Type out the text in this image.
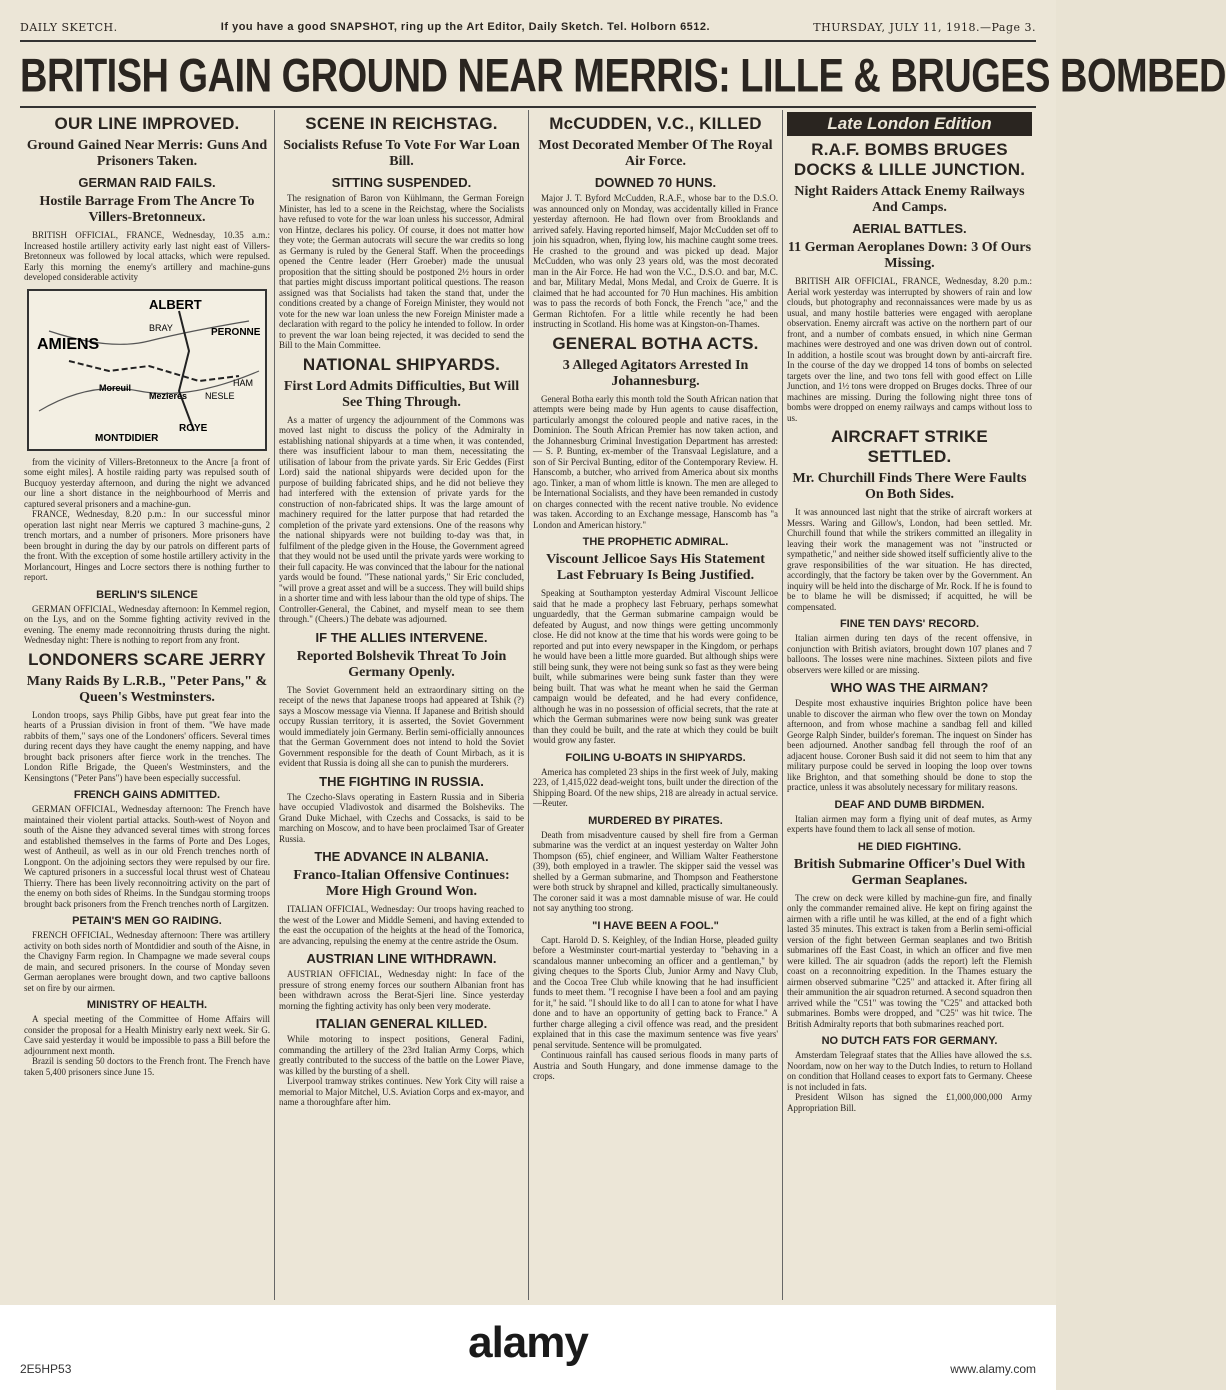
DAILY SKETCH.	If you have a good SNAPSHOT, ring up the Art Editor, Daily Sketch. Tel. Holborn 6512.	THURSDAY, JULY 11, 1918.—Page 3.
BRITISH GAIN GROUND NEAR MERRIS: LILLE & BRUGES BOMBED
OUR LINE IMPROVED.
Ground Gained Near Merris: Guns And Prisoners Taken.
GERMAN RAID FAILS.
Hostile Barrage From The Ancre To Villers-Bretonneux.

BRITISH OFFICIAL, FRANCE, Wednesday, 10.35 a.m.: Increased hostile artillery activity early last night east of Villers-Bretonneux was followed by local attacks, which were repulsed. Early this morning the enemy's artillery and machine-guns developed considerable activity

ALBERT
AMIENS
MONTDIDIER
ROYE
NESLE
HAM
PERONNE
BRAY
Moreuil
Mezieres

from the vicinity of Villers-Bretonneux to the Ancre [a front of some eight miles]. A hostile raiding party was repulsed south of Bucquoy yesterday afternoon, and during the night we advanced our line a short distance in the neighbourhood of Merris and captured several prisoners and a machine-gun.

FRANCE, Wednesday, 8.20 p.m.: In our successful minor operation last night near Merris we captured 3 machine-guns, 2 trench mortars, and a number of prisoners. More prisoners have been brought in during the day by our patrols on different parts of the front. With the exception of some hostile artillery activity in the Morlancourt, Hinges and Locre sectors there is nothing further to report.

BERLIN'S SILENCE

GERMAN OFFICIAL, Wednesday afternoon: In Kemmel region, on the Lys, and on the Somme fighting activity revived in the evening. The enemy made reconnoitring thrusts during the night. Wednesday night: There is nothing to report from any front.

LONDONERS SCARE JERRY
Many Raids By L.R.B., "Peter Pans," & Queen's Westminsters.

London troops, says Philip Gibbs, have put great fear into the hearts of a Prussian division in front of them. "We have made rabbits of them," says one of the Londoners' officers. Several times during recent days they have caught the enemy napping, and have brought back prisoners after fierce work in the trenches. The London Rifle Brigade, the Queen's Westminsters, and the Kensingtons ("Peter Pans") have been especially successful.

FRENCH GAINS ADMITTED.

GERMAN OFFICIAL, Wednesday afternoon: The French have maintained their violent partial attacks. South-west of Noyon and south of the Aisne they advanced several times with strong forces and established themselves in the farms of Porte and Des Loges, west of Antheuil, as well as in our old French trenches north of Longpont. On the adjoining sectors they were repulsed by our fire. We captured prisoners in a successful local thrust west of Chateau Thierry. There has been lively reconnoitring activity on the part of the enemy on both sides of Rheims. In the Sundgau storming troops brought back prisoners from the French trenches north of Largitzen.

PETAIN'S MEN GO RAIDING.

FRENCH OFFICIAL, Wednesday afternoon: There was artillery activity on both sides north of Montdidier and south of the Aisne, in the Chavigny Farm region. In Champagne we made several coups de main, and secured prisoners. In the course of Monday seven German aeroplanes were brought down, and two captive balloons set on fire by our airmen.

MINISTRY OF HEALTH.

A special meeting of the Committee of Home Affairs will consider the proposal for a Health Ministry early next week. Sir G. Cave said yesterday it would be impossible to pass a Bill before the adjournment next month.

Brazil is sending 50 doctors to the French front. The French have taken 5,400 prisoners since June 15.

SCENE IN REICHSTAG.
Socialists Refuse To Vote For War Loan Bill.
SITTING SUSPENDED.

The resignation of Baron von Kühlmann, the German Foreign Minister, has led to a scene in the Reichstag, where the Socialists have refused to vote for the war loan unless his successor, Admiral von Hintze, declares his policy. Of course, it does not matter how they vote; the German autocrats will secure the war credits so long as Germany is ruled by the General Staff. When the proceedings opened the Centre leader (Herr Groeber) made the unusual proposition that the sitting should be postponed 2½ hours in order that parties might discuss important political questions. The reason assigned was that Socialists had taken the stand that, under the conditions created by a change of Foreign Minister, they would not vote for the new war loan unless the new Foreign Minister made a declaration with regard to the policy he intended to follow. In order to prevent the war loan being rejected, it was decided to send the Bill to the Main Committee.

NATIONAL SHIPYARDS.
First Lord Admits Difficulties, But Will See Thing Through.

As a matter of urgency the adjournment of the Commons was moved last night to discuss the policy of the Admiralty in establishing national shipyards at a time when, it was contended, there was insufficient labour to man them, necessitating the utilisation of labour from the private yards. Sir Eric Geddes (First Lord) said the national shipyards were decided upon for the purpose of building fabricated ships, and he did not believe they had interfered with the extension of private yards for the construction of non-fabricated ships. It was the large amount of machinery required for the latter purpose that had retarded the completion of the private yard extensions. One of the reasons why the national shipyards were not building to-day was that, in fulfilment of the pledge given in the House, the Government agreed that they would not be used until the private yards were working to their full capacity. He was convinced that the labour for the national yards would be found. "These national yards," Sir Eric concluded, "will prove a great asset and will be a success. They will build ships in a shorter time and with less labour than the old type of ships. The Controller-General, the Cabinet, and myself mean to see them through." (Cheers.) The debate was adjourned.

IF THE ALLIES INTERVENE.
Reported Bolshevik Threat To Join Germany Openly.

The Soviet Government held an extraordinary sitting on the receipt of the news that Japanese troops had appeared at Tshik (?) says a Moscow message via Vienna. If Japanese and British should occupy Russian territory, it is asserted, the Soviet Government would immediately join Germany. Berlin semi-officially announces that the German Government does not intend to hold the Soviet Government responsible for the death of Count Mirbach, as it is evident that Russia is doing all she can to punish the murderers.

THE FIGHTING IN RUSSIA.

The Czecho-Slavs operating in Eastern Russia and in Siberia have occupied Vladivostok and disarmed the Bolsheviks. The Grand Duke Michael, with Czechs and Cossacks, is said to be marching on Moscow, and to have been proclaimed Tsar of Greater Russia.

THE ADVANCE IN ALBANIA.
Franco-Italian Offensive Continues: More High Ground Won.

ITALIAN OFFICIAL, Wednesday: Our troops having reached to the west of the Lower and Middle Semeni, and having extended to the east the occupation of the heights at the head of the Tomorica, are advancing, repulsing the enemy at the centre astride the Osum.

AUSTRIAN LINE WITHDRAWN.

AUSTRIAN OFFICIAL, Wednesday night: In face of the pressure of strong enemy forces our southern Albanian front has been withdrawn across the Berat-Sjeri line. Since yesterday morning the fighting activity has only been very moderate.

ITALIAN GENERAL KILLED.

While motoring to inspect positions, General Fadini, commanding the artillery of the 23rd Italian Army Corps, which greatly contributed to the success of the battle on the Lower Piave, was killed by the bursting of a shell.

Liverpool tramway strikes continues. New York City will raise a memorial to Major Mitchel, U.S. Aviation Corps and ex-mayor, and name a thoroughfare after him.

McCUDDEN, V.C., KILLED
Most Decorated Member Of The Royal Air Force.
DOWNED 70 HUNS.

Major J. T. Byford McCudden, R.A.F., whose bar to the D.S.O. was announced only on Monday, was accidentally killed in France yesterday afternoon. He had flown over from Brooklands and arrived safely. Having reported himself, Major McCudden set off to join his squadron, when, flying low, his machine caught some trees. He crashed to the ground and was picked up dead. Major McCudden, who was only 23 years old, was the most decorated man in the Air Force. He had won the V.C., D.S.O. and bar, M.C. and bar, Military Medal, Mons Medal, and Croix de Guerre. It is claimed that he had accounted for 70 Hun machines. His ambition was to pass the records of both Fonck, the French "ace," and the German Richtofen. For a little while recently he had been instructing in Scotland. His home was at Kingston-on-Thames.

GENERAL BOTHA ACTS.
3 Alleged Agitators Arrested In Johannesburg.

General Botha early this month told the South African nation that attempts were being made by Hun agents to cause disaffection, particularly amongst the coloured people and native races, in the Dominion. The South African Premier has now taken action, and the Johannesburg Criminal Investigation Department has arrested:— S. P. Bunting, ex-member of the Transvaal Legislature, and a son of Sir Percival Bunting, editor of the Contemporary Review. H. Hanscomb, a butcher, who arrived from America about six months ago. Tinker, a man of whom little is known. The men are alleged to be International Socialists, and they have been remanded in custody on charges connected with the recent native trouble. No evidence was taken. According to an Exchange message, Hanscomb has "a London and American history."

THE PROPHETIC ADMIRAL.
Viscount Jellicoe Says His Statement Last February Is Being Justified.

Speaking at Southampton yesterday Admiral Viscount Jellicoe said that he made a prophecy last February, perhaps somewhat unguardedly, that the German submarine campaign would be defeated by August, and now things were getting uncommonly close. He did not know at the time that his words were going to be reported and put into every newspaper in the Kingdom, or perhaps he would have been a little more guarded. But although ships were still being sunk, they were not being sunk so fast as they were being built, while submarines were being sunk faster than they were being built. That was what he meant when he said the German campaign would be defeated, and he had every confidence, although he was in no possession of official secrets, that the rate at which the German submarines were now being sunk was greater than they could be built, and the rate at which they could be built would grow any faster.

FOILING U-BOATS IN SHIPYARDS.

America has completed 23 ships in the first week of July, making 223, of 1,415,022 dead-weight tons, built under the direction of the Shipping Board. Of the new ships, 218 are already in actual service.—Reuter.

MURDERED BY PIRATES.

Death from misadventure caused by shell fire from a German submarine was the verdict at an inquest yesterday on Walter John Thompson (65), chief engineer, and William Walter Featherstone (39), both employed in a trawler. The skipper said the vessel was shelled by a German submarine, and Thompson and Featherstone were both struck by shrapnel and killed, practically simultaneously. The coroner said it was a most damnable misuse of war. He could not say anything too strong.

"I HAVE BEEN A FOOL."

Capt. Harold D. S. Keighley, of the Indian Horse, pleaded guilty before a Westminster court-martial yesterday to "behaving in a scandalous manner unbecoming an officer and a gentleman," by giving cheques to the Sports Club, Junior Army and Navy Club, and the Cocoa Tree Club while knowing that he had insufficient funds to meet them. "I recognise I have been a fool and am paying for it," he said. "I should like to do all I can to atone for what I have done and to have an opportunity of getting back to France." A further charge alleging a civil offence was read, and the president explained that in this case the maximum sentence was five years' penal servitude. Sentence will be promulgated.

Continuous rainfall has caused serious floods in many parts of Austria and South Hungary, and done immense damage to the crops.

Late London Edition
R.A.F. BOMBS BRUGES DOCKS & LILLE JUNCTION.
Night Raiders Attack Enemy Railways And Camps.
AERIAL BATTLES.
11 German Aeroplanes Down: 3 Of Ours Missing.

BRITISH AIR OFFICIAL, FRANCE, Wednesday, 8.20 p.m.: Aerial work yesterday was interrupted by showers of rain and low clouds, but photography and reconnaissances were made by us as usual, and many hostile batteries were engaged with aeroplane observation. Enemy aircraft was active on the northern part of our front, and a number of combats ensued, in which nine German machines were destroyed and one was driven down out of control. In addition, a hostile scout was brought down by anti-aircraft fire. In the course of the day we dropped 14 tons of bombs on selected targets over the line, and two tons fell with good effect on Lille Junction, and 1½ tons were dropped on Bruges docks. Three of our machines are missing. During the following night three tons of bombs were dropped on enemy railways and camps without loss to us.

AIRCRAFT STRIKE SETTLED.
Mr. Churchill Finds There Were Faults On Both Sides.

It was announced last night that the strike of aircraft workers at Messrs. Waring and Gillow's, London, had been settled. Mr. Churchill found that while the strikers committed an illegality in leaving their work the management was not "instructed or sympathetic," and neither side showed itself sufficiently alive to the grave responsibilities of the war situation. He has directed, accordingly, that the factory be taken over by the Government. An inquiry will be held into the discharge of Mr. Rock. If he is found to be to blame he will be dismissed; if acquitted, he will be compensated.

FINE TEN DAYS' RECORD.

Italian airmen during ten days of the recent offensive, in conjunction with British aviators, brought down 107 planes and 7 balloons. The losses were nine machines. Sixteen pilots and five observers were killed or are missing.

WHO WAS THE AIRMAN?

Despite most exhaustive inquiries Brighton police have been unable to discover the airman who flew over the town on Monday afternoon, and from whose machine a sandbag fell and killed George Ralph Sinder, builder's foreman. The inquest on Sinder has been adjourned. Another sandbag fell through the roof of an adjacent house. Coroner Bush said it did not seem to him that any military purpose could be served in looping the loop over towns like Brighton, and that something should be done to stop the practice, unless it was absolutely necessary for military reasons.

DEAF AND DUMB BIRDMEN.

Italian airmen may form a flying unit of deaf mutes, as Army experts have found them to lack all sense of motion.

HE DIED FIGHTING.
British Submarine Officer's Duel With German Seaplanes.

The crew on deck were killed by machine-gun fire, and finally only the commander remained alive. He kept on firing against the airmen with a rifle until he was killed, at the end of a fight which lasted 35 minutes. This extract is taken from a Berlin semi-official version of the fight between German seaplanes and two British submarines off the East Coast, in which an officer and five men were killed. The air squadron (adds the report) left the Flemish coast on a reconnoitring expedition. In the Thames estuary the airmen observed submarine "C25" and attacked it. After firing all their ammunition the air squadron returned. A second squadron then arrived while the "C51" was towing the "C25" and attacked both submarines. Bombs were dropped, and "C25" was hit twice. The British Admiralty reports that both submarines reached port.

NO DUTCH FATS FOR GERMANY.

Amsterdam Telegraaf states that the Allies have allowed the s.s. Noordam, now on her way to the Dutch Indies, to return to Holland on condition that Holland ceases to export fats to Germany. Cheese is not included in fats.

President Wilson has signed the £1,000,000,000 Army Appropriation Bill.

alamy
2E5HP53	www.alamy.com
